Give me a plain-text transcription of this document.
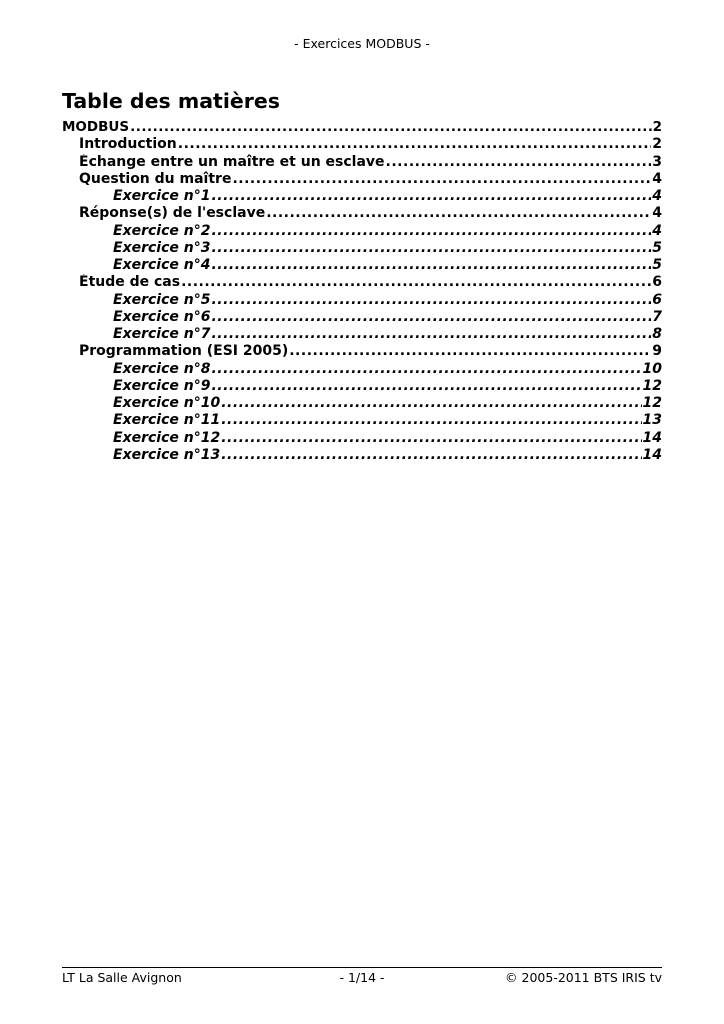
- Exercices MODBUS -
Table des matières
MODBUS .....	2
Introduction .....	2
Échange entre un maître et un esclave .....	3
Question du maître .....	4
Exercice n°1 .....	4
Réponse(s) de l'esclave .....	4
Exercice n°2 .....	4
Exercice n°3 .....	5
Exercice n°4 .....	5
Étude de cas .....	6
Exercice n°5 .....	6
Exercice n°6 .....	7
Exercice n°7 .....	8
Programmation (ESI 2005) .....	9
Exercice n°8 .....	10
Exercice n°9 .....	12
Exercice n°10 .....	12
Exercice n°11 .....	13
Exercice n°12 .....	14
Exercice n°13 .....	14
LT La Salle Avignon	- 1/14 -	© 2005-2011 BTS IRIS tv
